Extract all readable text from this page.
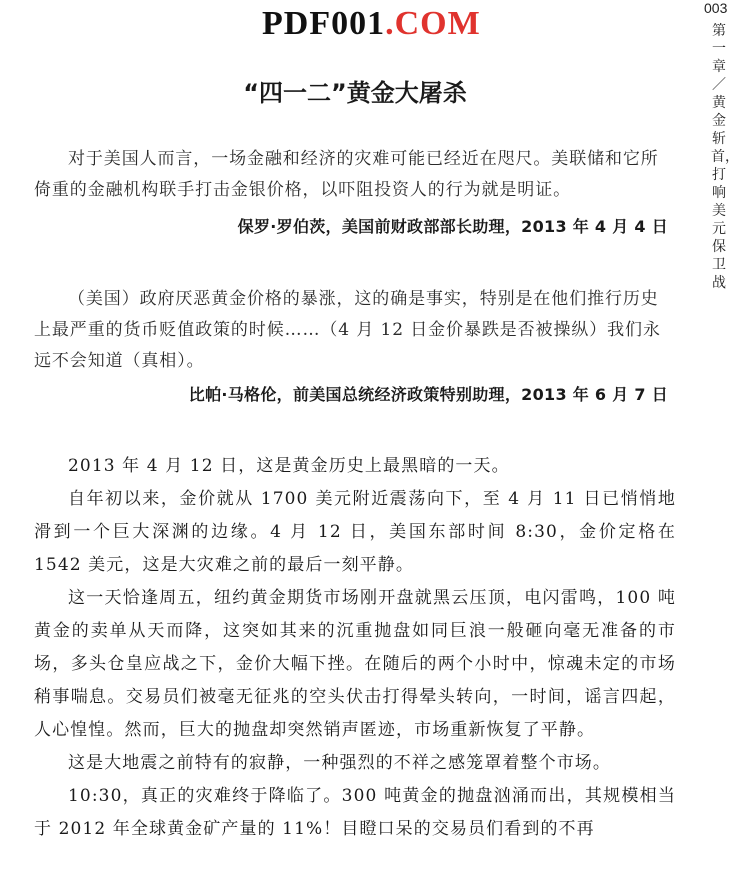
PDF001.COM	003
第一章／黄金斩首，打响美元保卫战
“四一二”黄金大屠杀

对于美国人而言，一场金融和经济的灾难可能已经近在咫尺。美联储和它所倚重的金融机构联手打击金银价格，以吓阻投资人的行为就是明证。

保罗·罗伯茨，美国前财政部部长助理，2013 年 4 月 4 日

（美国）政府厌恶黄金价格的暴涨，这的确是事实，特别是在他们推行历史上最严重的货币贬值政策的时候……（4 月 12 日金价暴跌是否被操纵）我们永远不会知道（真相）。

比帕·马格伦，前美国总统经济政策特别助理，2013 年 6 月 7 日

2013 年 4 月 12 日，这是黄金历史上最黑暗的一天。

自年初以来，金价就从 1700 美元附近震荡向下，至 4 月 11 日已悄悄地滑到一个巨大深渊的边缘。4 月 12 日，美国东部时间 8:30，金价定格在 1542 美元，这是大灾难之前的最后一刻平静。

这一天恰逢周五，纽约黄金期货市场刚开盘就黑云压顶，电闪雷鸣，100 吨黄金的卖单从天而降，这突如其来的沉重抛盘如同巨浪一般砸向毫无准备的市场，多头仓皇应战之下，金价大幅下挫。在随后的两个小时中，惊魂未定的市场稍事喘息。交易员们被毫无征兆的空头伏击打得晕头转向，一时间，谣言四起，人心惶惶。然而，巨大的抛盘却突然销声匿迹，市场重新恢复了平静。

这是大地震之前特有的寂静，一种强烈的不祥之感笼罩着整个市场。

10:30，真正的灾难终于降临了。300 吨黄金的抛盘汹涌而出，其规模相当于 2012 年全球黄金矿产量的 11%！目瞪口呆的交易员们看到的不再
